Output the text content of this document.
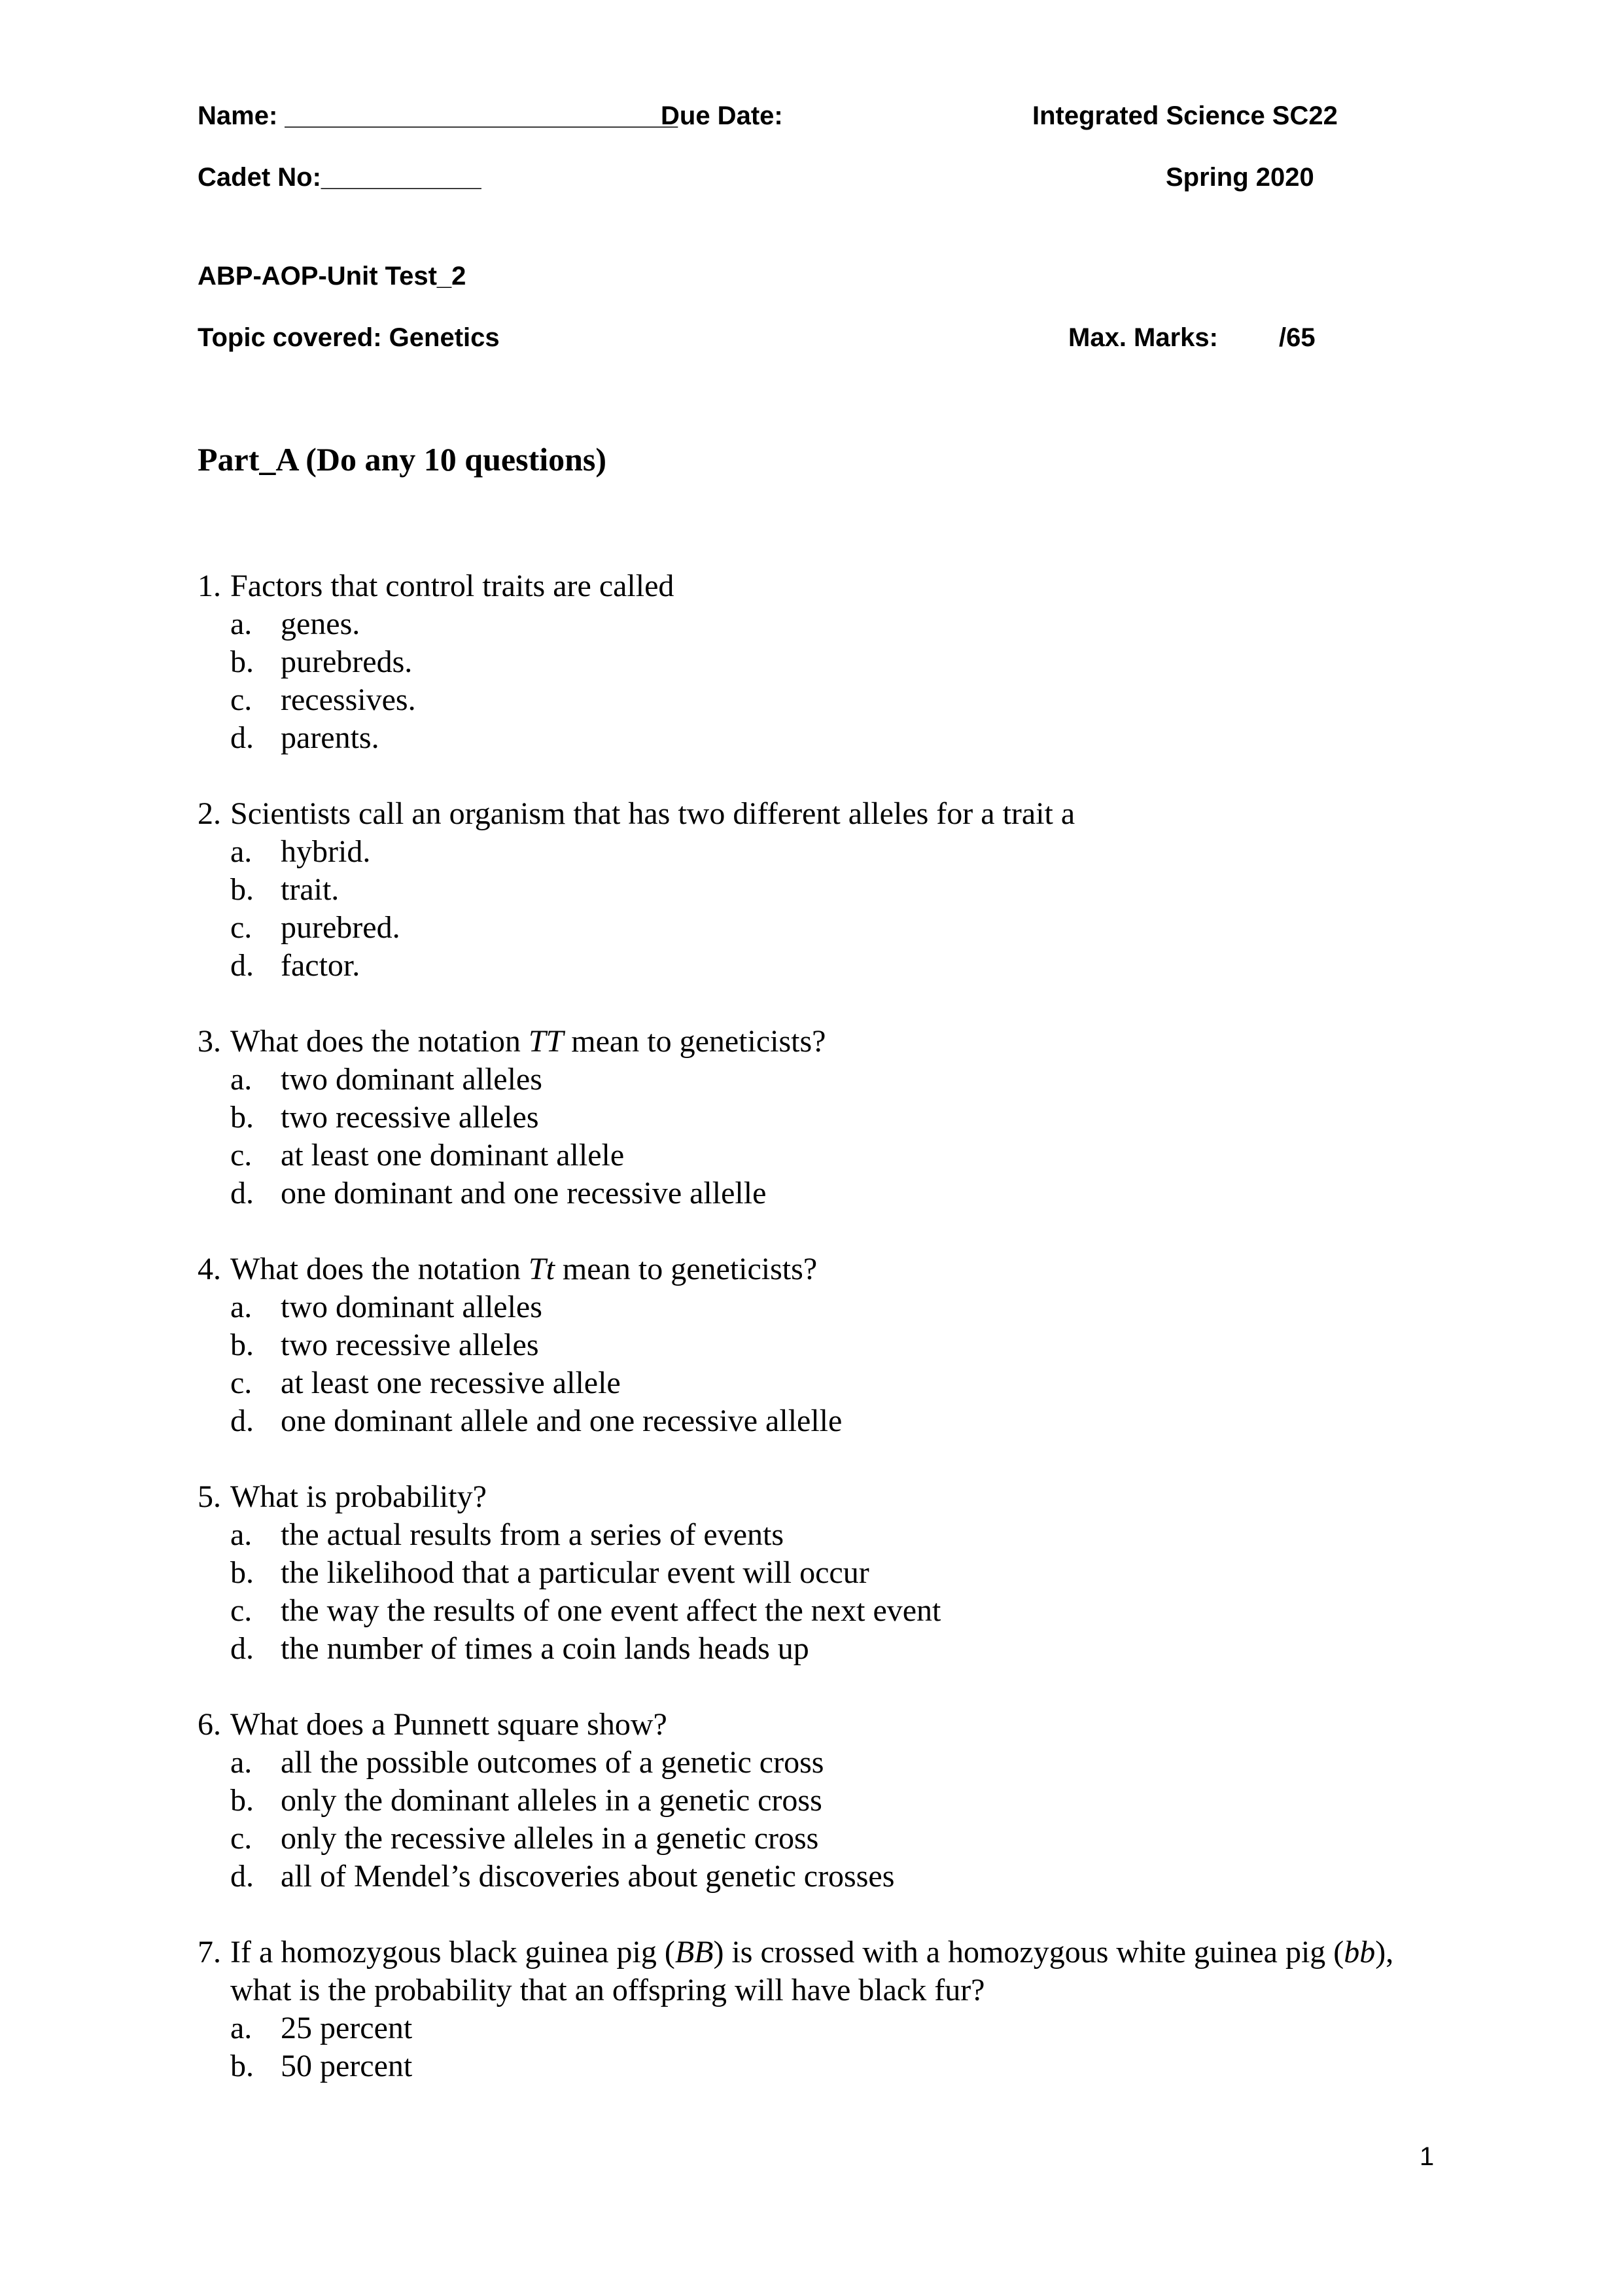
Name: ___________________________
Due Date:	Integrated Science SC22
Cadet No:___________	Spring 2020
ABP-AOP-Unit Test_2
Topic covered: Genetics	Max. Marks: /65
Part_A (Do any 10 questions)
1. Factors that control traits are called
a. genes.
b. purebreds.
c. recessives.
d. parents.
2. Scientists call an organism that has two different alleles for a trait a
a. hybrid.
b. trait.
c. purebred.
d. factor.
3. What does the notation TT mean to geneticists?
a. two dominant alleles
b. two recessive alleles
c. at least one dominant allele
d. one dominant and one recessive allelle
4. What does the notation Tt mean to geneticists?
a. two dominant alleles
b. two recessive alleles
c. at least one recessive allele
d. one dominant allele and one recessive allelle
5. What is probability?
a. the actual results from a series of events
b. the likelihood that a particular event will occur
c. the way the results of one event affect the next event
d. the number of times a coin lands heads up
6. What does a Punnett square show?
a. all the possible outcomes of a genetic cross
b. only the dominant alleles in a genetic cross
c. only the recessive alleles in a genetic cross
d. all of Mendel’s discoveries about genetic crosses
7. If a homozygous black guinea pig (BB) is crossed with a homozygous white guinea pig (bb), what is the probability that an offspring will have black fur?
a. 25 percent
b. 50 percent
1
